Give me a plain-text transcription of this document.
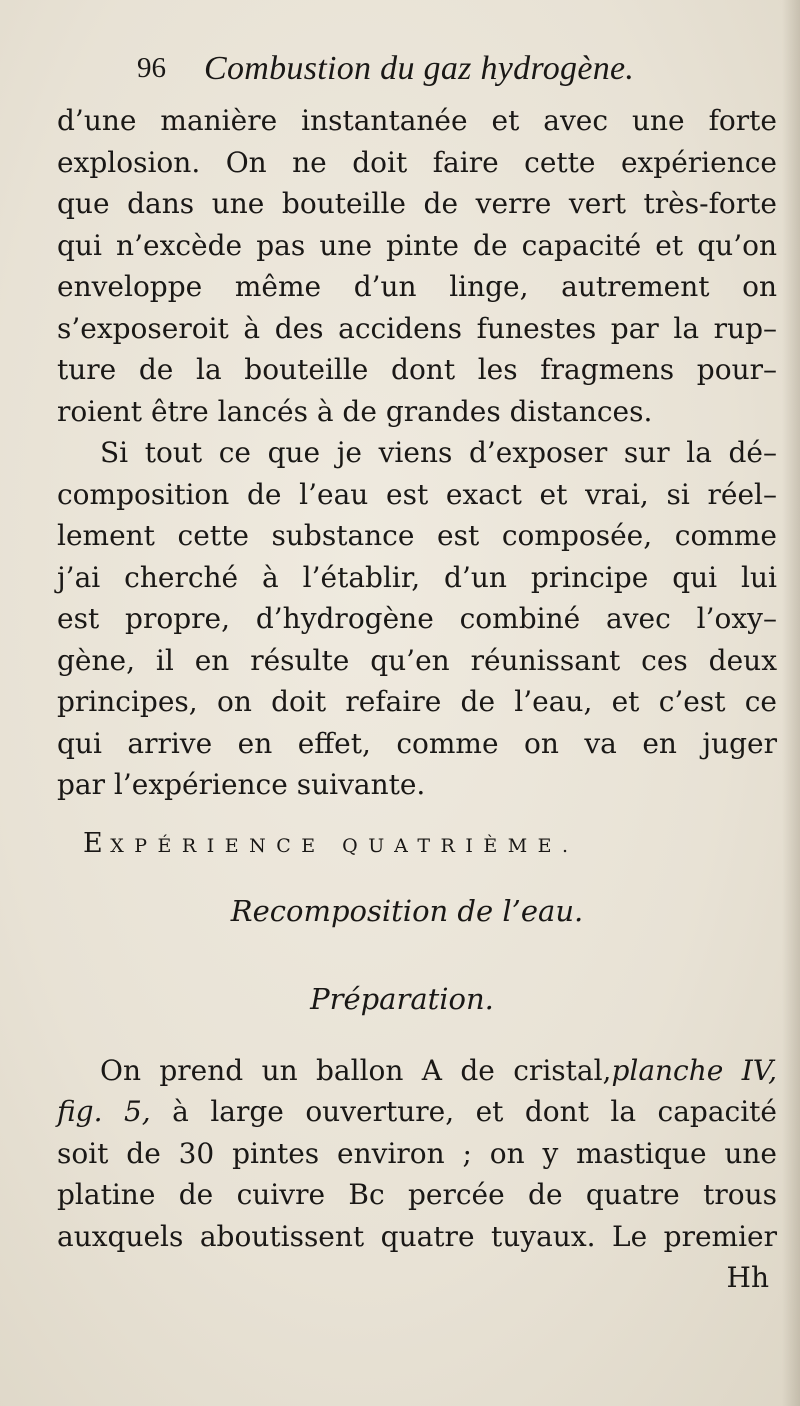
96 Combustion du gaz hydrogène.
d’une manière instantanée et avec une forte
explosion. On ne doit faire cette expérience
que dans une bouteille de verre vert très-forte
qui n’excède pas une pinte de capacité et qu’on
enveloppe même d’un linge, autrement on
s’exposeroit à des accidens funestes par la rup–
ture de la bouteille dont les fragmens pour–
roient être lancés à de grandes distances.
Si tout ce que je viens d’exposer sur la dé–
composition de l’eau est exact et vrai, si réel–
lement cette substance est composée, comme
j’ai cherché à l’établir, d’un principe qui lui
est propre, d’hydrogène combiné avec l’oxy–
gène, il en résulte qu’en réunissant ces deux
principes, on doit refaire de l’eau, et c’est ce
qui arrive en effet, comme on va en juger
par l’expérience suivante.
EXPÉRIENCE QUATRIÈME.
Recomposition de l’eau.
Préparation.
On prend un ballon A de cristal,planche IV,
fig. 5, à large ouverture, et dont la capacité
soit de 30 pintes environ ; on y mastique une
platine de cuivre Bc percée de quatre trous
auxquels aboutissent quatre tuyaux. Le premier
Hh
